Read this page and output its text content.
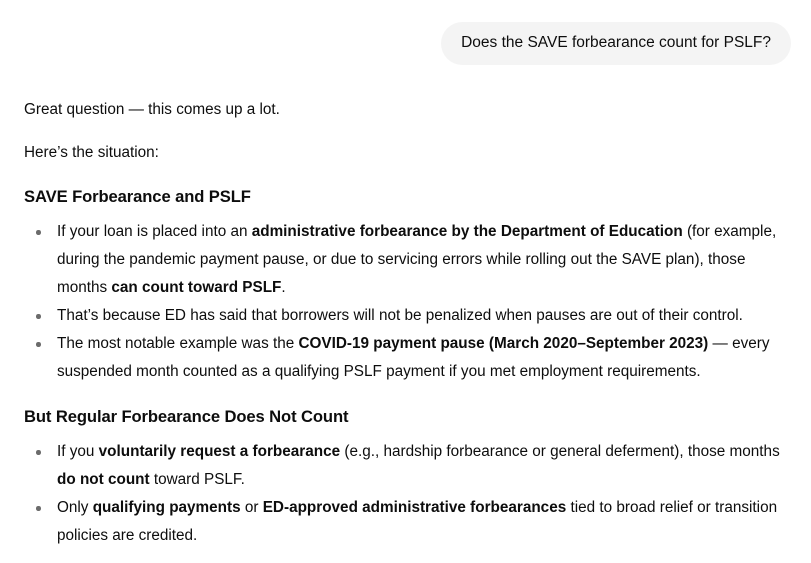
Does the SAVE forbearance count for PSLF?

Great question — this comes up a lot.

Here’s the situation:

SAVE Forbearance and PSLF
If your loan is placed into an administrative forbearance by the Department of Education (for example, during the pandemic payment pause, or due to servicing errors while rolling out the SAVE plan), those months can count toward PSLF.
That’s because ED has said that borrowers will not be penalized when pauses are out of their control.
The most notable example was the COVID-19 payment pause (March 2020–September 2023) — every suspended month counted as a qualifying PSLF payment if you met employment requirements.
But Regular Forbearance Does Not Count
If you voluntarily request a forbearance (e.g., hardship forbearance or general deferment), those months do not count toward PSLF.
Only qualifying payments or ED-approved administrative forbearances tied to broad relief or transition policies are credited.
